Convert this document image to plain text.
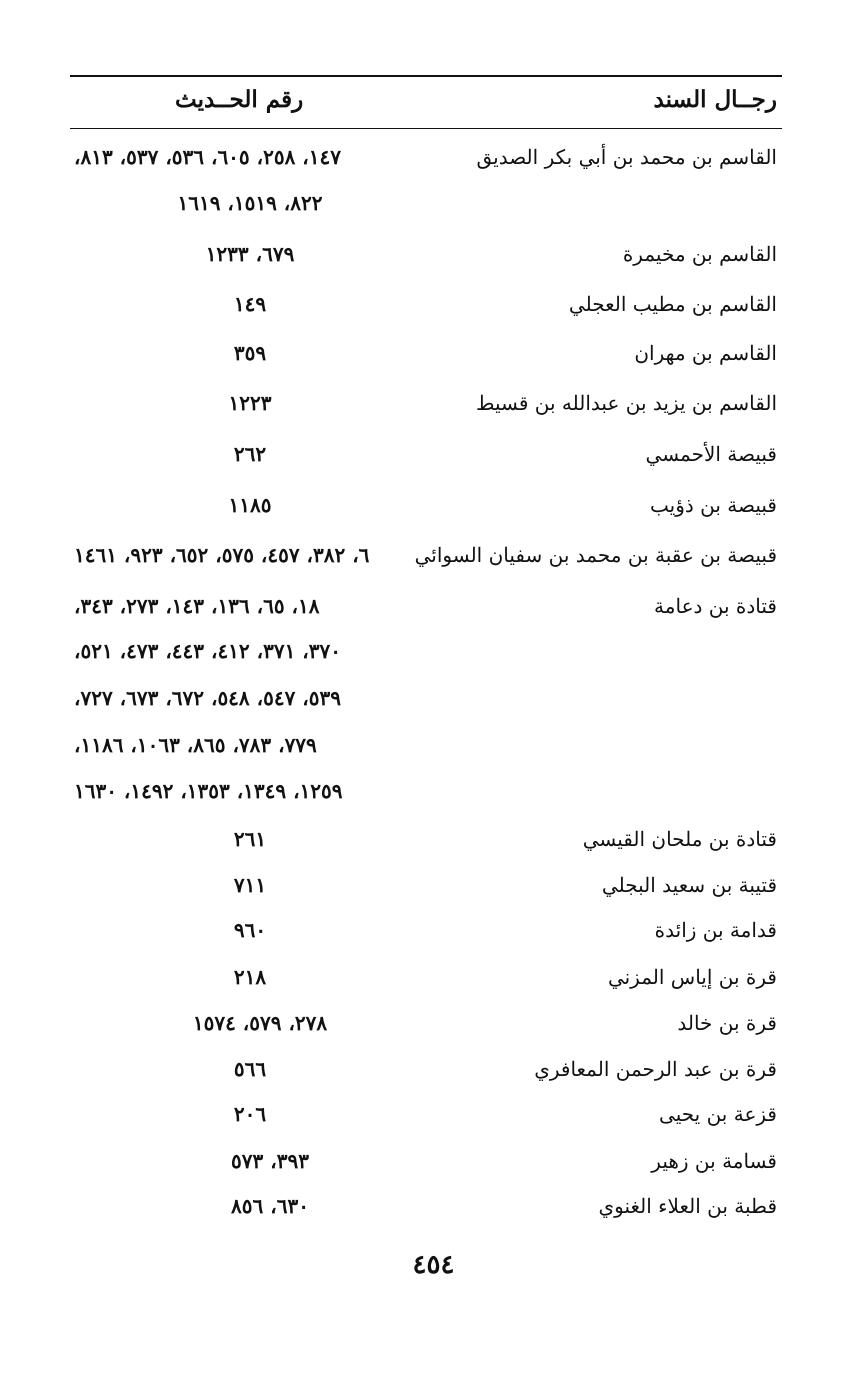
رجــال السند
رقم الحــديث
القاسم بن محمد بن أبي بكر الصديق
١٤٧، ٢٥٨، ٦٠٥، ٥٣٦، ٥٣٧، ٨١٣،
٨٢٢، ١٥١٩، ١٦١٩
القاسم بن مخيمرة
٦٧٩، ١٢٣٣
القاسم بن مطيب العجلي
١٤٩
القاسم بن مهران
٣٥٩
القاسم بن يزيد بن عبدالله بن قسيط
١٢٢٣
قبيصة الأحمسي
٢٦٢
قبيصة بن ذؤيب
١١٨٥
قبيصة بن عقبة بن محمد بن سفيان السوائي
٦، ٣٨٢، ٤٥٧، ٥٧٥، ٦٥٢، ٩٢٣، ١٤٦١
قتادة بن دعامة
١٨، ٦٥، ١٣٦، ١٤٣، ٢٧٣، ٣٤٣،
٣٧٠، ٣٧١، ٤١٢، ٤٤٣، ٤٧٣، ٥٢١،
٥٣٩، ٥٤٧، ٥٤٨، ٦٧٢، ٦٧٣، ٧٢٧،
٧٧٩، ٧٨٣، ٨٦٥، ١٠٦٣، ١١٨٦،
١٢٥٩، ١٣٤٩، ١٣٥٣، ١٤٩٢، ١٦٣٠
قتادة بن ملحان القيسي
٢٦١
قتيبة بن سعيد البجلي
٧١١
قدامة بن زائدة
٩٦٠
قرة بن إياس المزني
٢١٨
قرة بن خالد
٢٧٨، ٥٧٩، ١٥٧٤
قرة بن عبد الرحمن المعافري
٥٦٦
قزعة بن يحيى
٢٠٦
قسامة بن زهير
٣٩٣، ٥٧٣
قطبة بن العلاء الغنوي
٦٣٠، ٨٥٦
٤٥٤
